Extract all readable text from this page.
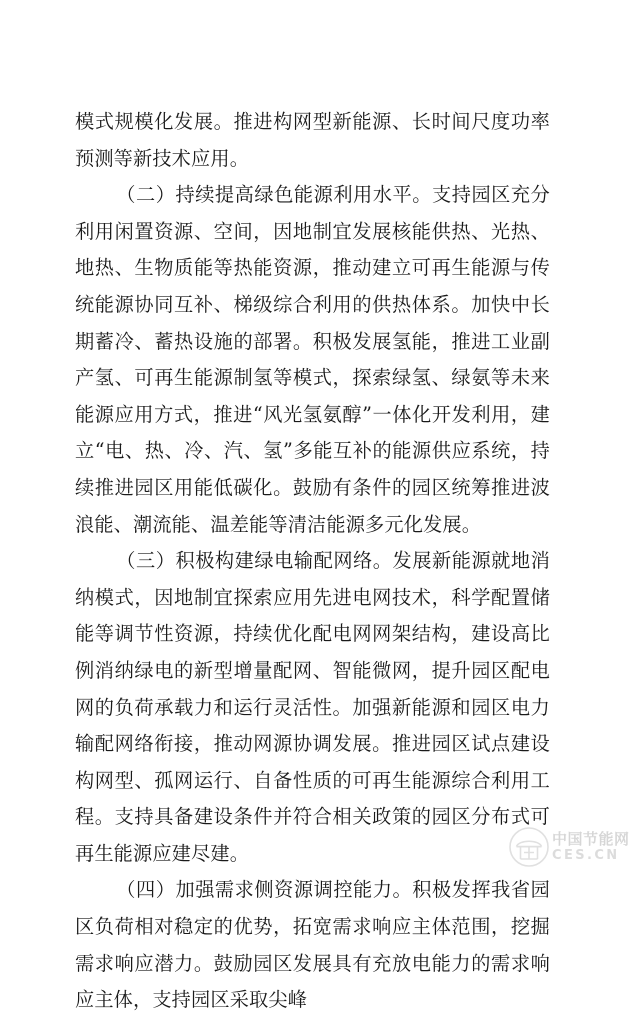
模式规模化发展。推进构网型新能源、长时间尺度功率预测等新技术应用。

（二）持续提高绿色能源利用水平。支持园区充分利用闲置资源、空间，因地制宜发展核能供热、光热、地热、生物质能等热能资源，推动建立可再生能源与传统能源协同互补、梯级综合利用的供热体系。加快中长期蓄冷、蓄热设施的部署。积极发展氢能，推进工业副产氢、可再生能源制氢等模式，探索绿氢、绿氨等未来能源应用方式，推进“风光氢氨醇”一体化开发利用，建立“电、热、冷、汽、氢”多能互补的能源供应系统，持续推进园区用能低碳化。鼓励有条件的园区统筹推进波浪能、潮流能、温差能等清洁能源多元化发展。

（三）积极构建绿电输配网络。发展新能源就地消纳模式，因地制宜探索应用先进电网技术，科学配置储能等调节性资源，持续优化配电网网架结构，建设高比例消纳绿电的新型增量配网、智能微网，提升园区配电网的负荷承载力和运行灵活性。加强新能源和园区电力输配网络衔接，推动网源协调发展。推进园区试点建设构网型、孤网运行、自备性质的可再生能源综合利用工程。支持具备建设条件并符合相关政策的园区分布式可再生能源应建尽建。

（四）加强需求侧资源调控能力。积极发挥我省园区负荷相对稳定的优势，拓宽需求响应主体范围，挖掘需求响应潜力。鼓励园区发展具有充放电能力的需求响应主体，支持园区采取尖峰

中国节能网
CES.CN
